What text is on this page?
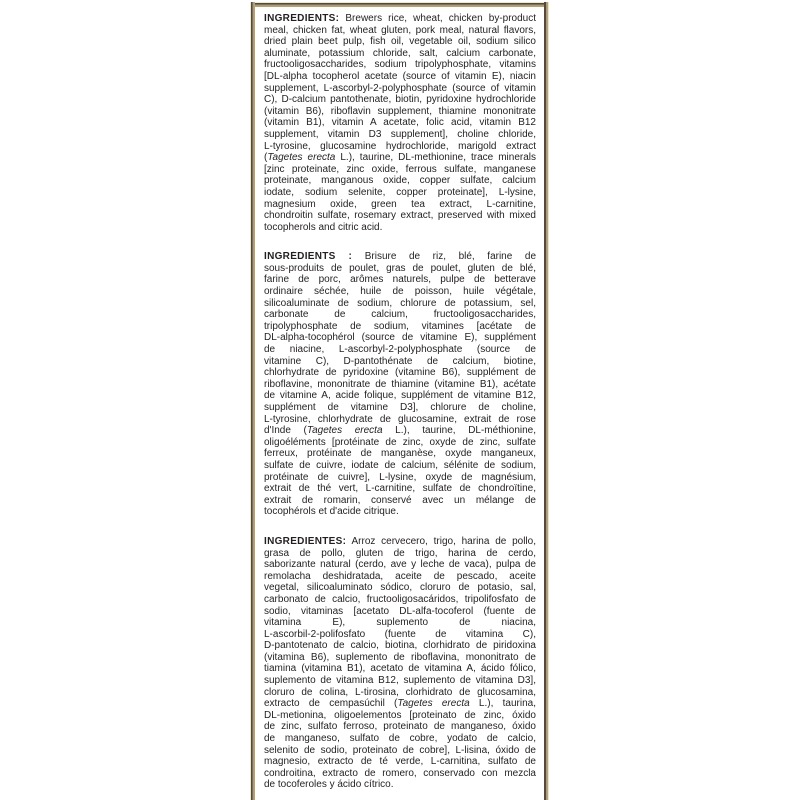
INGREDIENTS: Brewers rice, wheat, chicken by-product
meal, chicken fat, wheat gluten, pork meal, natural flavors,
dried plain beet pulp, fish oil, vegetable oil, sodium silico
aluminate, potassium chloride, salt, calcium carbonate,
fructooligosaccharides, sodium tripolyphosphate, vitamins
[DL-alpha tocopherol acetate (source of vitamin E), niacin
supplement, L-ascorbyl-2-polyphosphate (source of vitamin
C), D-calcium pantothenate, biotin, pyridoxine hydrochloride
(vitamin B6), riboflavin supplement, thiamine mononitrate
(vitamin B1), vitamin A acetate, folic acid, vitamin B12
supplement, vitamin D3 supplement], choline chloride,
L-tyrosine, glucosamine hydrochloride, marigold extract
(Tagetes erecta L.), taurine, DL-methionine, trace minerals
[zinc proteinate, zinc oxide, ferrous sulfate, manganese
proteinate, manganous oxide, copper sulfate, calcium
iodate, sodium selenite, copper proteinate], L-lysine,
magnesium oxide, green tea extract, L-carnitine,
chondroitin sulfate, rosemary extract, preserved with mixed
tocopherols and citric acid.
INGRÉDIENTS : Brisure de riz, blé, farine de
sous-produits de poulet, gras de poulet, gluten de blé,
farine de porc, arômes naturels, pulpe de betterave
ordinaire séchée, huile de poisson, huile végétale,
silicoaluminate de sodium, chlorure de potassium, sel,
carbonate de calcium, fructooligosaccharides,
tripolyphosphate de sodium, vitamines [acétate de
DL-alpha-tocophérol (source de vitamine E), supplément
de niacine, L-ascorbyl-2-polyphosphate (source de
vitamine C), D-pantothénate de calcium, biotine,
chlorhydrate de pyridoxine (vitamine B6), supplément de
riboflavine, mononitrate de thiamine (vitamine B1), acétate
de vitamine A, acide folique, supplément de vitamine B12,
supplément de vitamine D3], chlorure de choline,
L-tyrosine, chlorhydrate de glucosamine, extrait de rose
d'Inde (Tagetes erecta L.), taurine, DL-méthionine,
oligoéléments [protéinate de zinc, oxyde de zinc, sulfate
ferreux, protéinate de manganèse, oxyde manganeux,
sulfate de cuivre, iodate de calcium, sélénite de sodium,
protéinate de cuivre], L-lysine, oxyde de magnésium,
extrait de thé vert, L-carnitine, sulfate de chondroïtine,
extrait de romarin, conservé avec un mélange de
tocophérols et d'acide citrique.
INGREDIENTES: Arroz cervecero, trigo, harina de pollo,
grasa de pollo, gluten de trigo, harina de cerdo,
saborizante natural (cerdo, ave y leche de vaca), pulpa de
remolacha deshidratada, aceite de pescado, aceite
vegetal, silicoaluminato sódico, cloruro de potasio, sal,
carbonato de calcio, fructooligosacáridos, tripolifosfato de
sodio, vitaminas [acetato DL-alfa-tocoferol (fuente de
vitamina E), suplemento de niacina,
L-ascorbil-2-polifosfato (fuente de vitamina C),
D-pantotenato de calcio, biotina, clorhidrato de piridoxina
(vitamina B6), suplemento de riboflavina, mononitrato de
tiamina (vitamina B1), acetato de vitamina A, ácido fólico,
suplemento de vitamina B12, suplemento de vitamina D3],
cloruro de colina, L-tirosina, clorhidrato de glucosamina,
extracto de cempasúchil (Tagetes erecta L.), taurina,
DL-metionina, oligoelementos [proteinato de zinc, óxido
de zinc, sulfato ferroso, proteinato de manganeso, óxido
de manganeso, sulfato de cobre, yodato de calcio,
selenito de sodio, proteinato de cobre], L-lisina, óxido de
magnesio, extracto de té verde, L-carnitina, sulfato de
condroitina, extracto de romero, conservado con mezcla
de tocoferoles y ácido cítrico.
